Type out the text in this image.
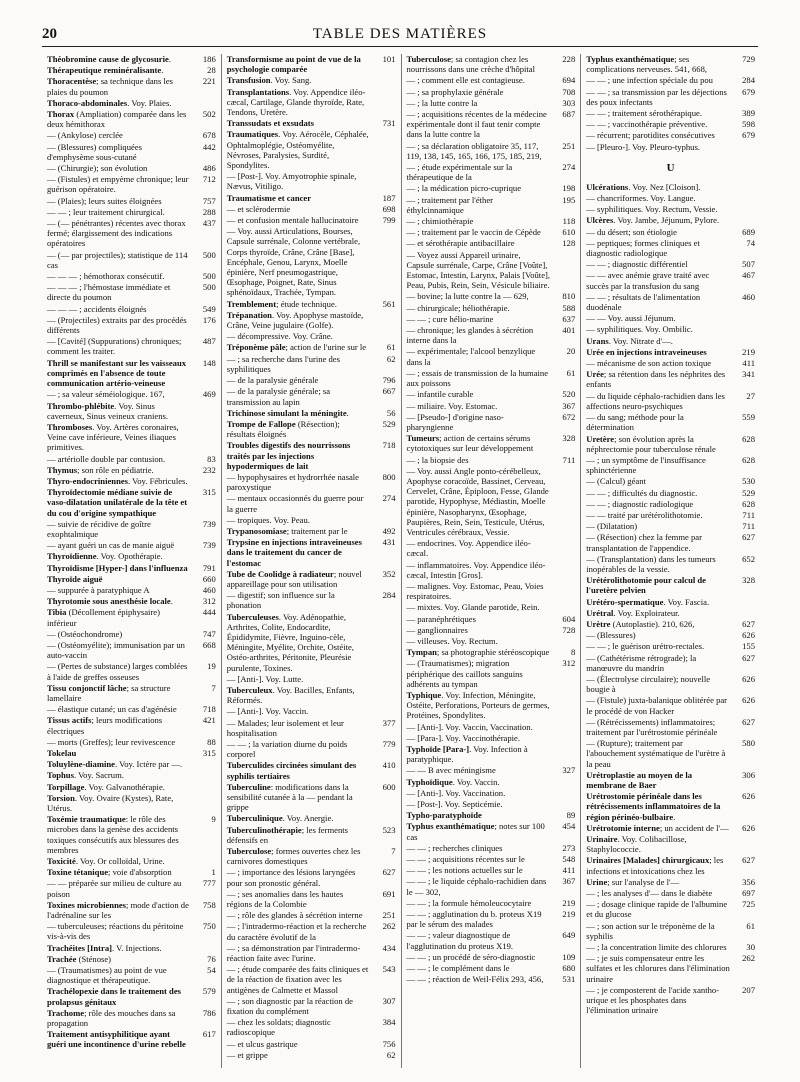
20	TABLE DES MATIÈRES
Théobromine cause de glycosurie.	186
Thérapeutique reminéralisante.	28
Thoracentèse; sa technique dans les plaies du poumon
221
Thoraco-abdominales. Voy. Plaies.
Thorax (Ampliation) comparée dans les deux hémithorax
502
— (Ankylose) cerclée	678
— (Blessures) compliquées d'emphysème sous-cutané
442
— (Chirurgie); son évolution	486
— (Fistules) et empyème chronique; leur guérison opératoire.
712
— (Plaies); leurs suites éloignées	757
— — ; leur traitement chirurgical.	288
— (— pénétrantes) récentes avec thorax fermé; élargissement des indications opératoires
437
— (— par projectiles); statistique de 114 cas
500
— — — ; hémothorax consécutif.	500
— — — ; l'hémostase immédiate et directe du poumon
500
— — — ; accidents éloignés	549
— (Projectiles) extraits par des procédés différents
176
— [Cavité] (Suppurations) chroniques; comment les traiter.
487
Thrill se manifestant sur les vaisseaux comprimés en l'absence de toute communication artério-veineuse
148
— ; sa valeur séméiologique. 167,	469
Thrombo-phlébite. Voy. Sinus caverneux, Sinus veineux craniens.
Thromboses. Voy. Artères coronaires, Veine cave inférieure, Veines iliaques primitives.
— artériolle double par contusion.	83
Thymus; son rôle en pédiatrie.	232
Thyro-endocriniennes. Voy. Fébricules.
Thyroïdectomie médiane suivie de vaso-dilatation unilatérale de la tête et du cou d'origine sympathique
315
— suivie de récidive de goître exophtalmique
739
— ayant guéri un cas de manie aiguë	739
Thyroïdienne. Voy. Opothérapie.
Thyroïdisme [Hyper-] dans l'influenza	791
Thyroïde aiguë	660
— suppurée à paratyphique A	460
Thyrotomie sous anesthésie locale.	312
Tibia (Décollement épiphysaire) inférieur
444
— (Ostéochondrome)	747
— (Ostéomyélite); immunisation par un auto-vaccin
668
— (Pertes de substance) larges comblées à l'aide de greffes osseuses
19
Tissu conjonctif lâche; sa structure lamellaire
7
— élastique cutané; un cas d'agénésie	718
Tissus actifs; leurs modifications électriques
421
— morts (Greffes); leur revivescence	88
Tokelau	315
Toluylène-diamine. Voy. Ictère par —.
Tophus. Voy. Sacrum.
Torpillage. Voy. Galvanothérapie.
Torsion. Voy. Ovaire (Kystes), Rate, Utérus.
Toxémie traumatique: le rôle des microbes dans la genèse des accidents toxiques consécutifs aux blessures des membres
9
Toxicité. Voy. Or colloïdal, Urine.
Toxine tétanique; voie d'absorption	1
— — préparée sur milieu de culture au poison
777
Toxines microbiennes; mode d'action de l'adrénaline sur les
758
— tuberculeuses; réactions du péritoine vis-à-vis des
750
Trachéites [Intra]. V. Injections.
Trachée (Sténose)	76
— (Traumatismes) au point de vue diagnostique et thérapeutique.
54
Trachélopexie dans le traitement des prolapsus génitaux
579
Trachome; rôle des mouches dans sa propagation
786
Traitement antisyphilitique ayant guéri une incontinence d'urine rebelle
617
Transformisme au point de vue de la psychologie comparée
101
Transfusion. Voy. Sang.
Transplantations. Voy. Appendice iléo-cæcal, Cartilage, Glande thyroïde, Rate, Tendons, Uretère.
Transsudats et exsudats	731
Traumatiques. Voy. Aérocèle, Céphalée, Ophtalmoplégie, Ostéomyélite, Névroses, Paralysies, Surdité, Spondylites.
— [Post-]. Voy. Amyotrophie spinale, Nævus, Vitiligo.
Traumatisme et cancer	187
— et sclérodermie	698
— et confusion mentale hallucinatoire	799
— Voy. aussi Articulations, Bourses, Capsule surrénale, Colonne vertébrale, Corps thyroïde, Crâne, Crâne [Base], Encéphale, Genou, Larynx, Moelle épinière, Nerf pneumogastrique, Œsophage, Poignet, Rate, Sinus sphénoïdaux, Trachée, Tympan.
Tremblement; étude technique.	561
Trépanation. Voy. Apophyse mastoïde, Crâne, Veine jugulaire (Golfe).
— décompressive. Voy. Crâne.
Tréponème pâle; action de l'urine sur le	61
— ; sa recherche dans l'urine des syphilitiques
62
— de la paralysie générale	796
— de la paralysie générale; sa transmission au lapin
667
Trichinose simulant la méningite.	56
Trompe de Fallope (Résection); résultats éloignés
529
Troubles digestifs des nourrissons traités par les injections hypodermiques de lait
718
— hypophysaires et hydrorrhée nasale paroxystique
800
— mentaux occasionnés du guerre pour la guerre
274
— tropiques. Voy. Peau.
Trypanosomiase; traitement par le	492
Trypsine en injections intraveineuses dans le traitement du cancer de l'estomac
431
Tube de Coolidge à radiateur; nouvel appareillage pour son utilisation
352
— digestif; son influence sur la phonation
284
Tuberculeuses. Voy. Adénopathie, Arthrites, Colite, Endocardite, Épididymite, Fièvre, Inguino-cèle, Méningite, Myélite, Orchite, Ostéite, Ostéo-arthrites, Péritonite, Pleurésie purulente, Toxines.
— [Anti-]. Voy. Lutte.
Tuberculeux. Voy. Bacilles, Enfants, Réformés.
— [Anti-]. Voy. Vaccin.
— Malades; leur isolement et leur hospitalisation
377
— — ; la variation diurne du poids corporel
779
Tuberculides circinées simulant des syphilis tertiaires
410
Tuberculine: modifications dans la sensibilité cutanée à la — pendant la grippe
600
Tuberculinique. Voy. Anergie.
Tuberculinothérapie; les ferments défensifs en
523
Tuberculose; formes ouvertes chez les carnivores domestiques
7
— ; importance des lésions laryngées pour son pronostic général.
627
— ; ses anomalies dans les hautes régions de la Colombie
691
— ; rôle des glandes à sécrétion interne	251
— ; l'intradermo-réaction et la recherche du caractère évolutif de la
262
— ; sa démonstration par l'intradermo-réaction faite avec l'urine.
434
— ; étude comparée des faits cliniques et de la réaction de fixation avec les antigènes de Calmette et Massol
543
— ; son diagnostic par la réaction de fixation du complément
307
— chez les soldats; diagnostic radioscopique
384
— et ulcus gastrique	756
— et grippe	62
Tuberculose; sa contagion chez les nourrissons dans une crèche d'hôpital
228
— ; comment elle est contagieuse.	694
— ; sa prophylaxie générale	708
— ; la lutte contre la	303
— ; acquisitions récentes de la médecine expérimentale dont il faut tenir compte dans la lutte contre la
687
— ; sa déclaration obligatoire 35, 117, 119, 138, 145, 165, 166, 175, 185, 219,
251
— ; étude expérimentale sur la thérapeutique de la
274
— ; la médication picro-cuprique	198
— ; traitement par l'éther éthylcinnamique
195
— ; chimiothérapie	118
— ; traitement par le vaccin de Cépède	610
— et sérothérapie antibacillaire	128
— Voyez aussi Appareil urinaire, Capsule surrénale, Carpe, Crâne [Voûte], Estomac, Intestin, Larynx, Palais [Voûte], Peau, Pubis, Rein, Sein, Vésicule biliaire.
— bovine; la lutte contre la — 629,	810
— chirurgicale; héliothérapie.	588
— — ; cure hélio-marine	637
— chronique; les glandes à sécrétion interne dans la
401
— expérimentale; l'alcool benzylique dans la
20
— ; essais de transmission de la humaine aux poissons
61
— infantile curable	520
— miliaire. Voy. Estomac.	367
— [Pseudo-] d'origine naso-pharyngienne
672
Tumeurs; action de certains sérums cytotoxiques sur leur développement
328
— ; la biopsie des	711
— Voy. aussi Angle ponto-cérébelleux, Apophyse coracoïde, Bassinet, Cerveau, Cervelet, Crâne, Épiploon, Fesse, Glande parotide, Hypophyse, Médiastin, Moelle épinière, Nasopharynx, Œsophage, Paupières, Rein, Sein, Testicule, Utérus, Ventricules cérébraux, Vessie.
— endocrines. Voy. Appendice iléo-cæcal.
— inflammatoires. Voy. Appendice iléo-cæcal, Intestin [Gros].
— malignes. Voy. Estomac, Peau, Voies respiratoires.
— mixtes. Voy. Glande parotide, Rein.
— paranéphrétiques	604
— ganglionnaires	728
— villeuses. Voy. Rectum.
Tympan; sa photographie stéréoscopique	8
— (Traumatismes); migration périphérique des caillots sanguins adhérents au tympan
312
Typhique. Voy. Infection, Méningite, Ostéite, Perforations, Porteurs de germes, Protéines, Spondylites.
— [Anti-]. Voy. Vaccin, Vaccination.
— [Para-]. Voy. Vaccinothérapie.
Typhoïde [Para-]. Voy. Infection à paratyphique.
— — B avec méningisme	327
Typhoïdique. Voy. Vaccin.
— [Anti-]. Voy. Vaccination.
— [Post-]. Voy. Septicémie.
Typho-paratyphoïde	89
Typhus exanthématique; notes sur 100 cas
454
— — ; recherches cliniques	273
— — ; acquisitions récentes sur le	548
— — ; les notions actuelles sur le	411
— — ; le liquide céphalo-rachidien dans le — 302,
367
— — ; la formule hémoleucocytaire	219
— — ; agglutination du b. proteus X19 par le sérum des malades
219
— — ; valeur diagnostique de l'agglutination du proteus X19.
649
— — ; un procédé de séro-diagnostic	109
— — ; le complément dans le	680
— — ; réaction de Weil-Félix 293, 456,	531
Typhus exanthématique; ses complications nerveuses. 541, 668,
729
— — ; une infection spéciale du pou	284
— — ; sa transmission par les déjections des poux infectants
679
— — ; traitement sérothérapique.	389
— — ; vaccinothérapie préventive.	598
— récurrent; parotidites consécutives	679
— [Pleuro-]. Voy. Pleuro-typhus.
U
Ulcérations. Voy. Nez [Cloison].
— chancriformes. Voy. Langue.
— syphilitiques. Voy. Rectum, Vessie.
Ulcères. Voy. Jambe, Jéjunum, Pylore.
— du désert; son étiologie	689
— peptiques; formes cliniques et diagnostic radiologique
74
— — ; diagnostic différentiel	507
— — avec anémie grave traité avec succès par la transfusion du sang
467
— — ; résultats de l'alimentation duodénale
460
— — Voy. aussi Jéjunum.
— syphilitiques. Voy. Ombilic.
Urans. Voy. Nitrate d'—.
Urée en injections intraveineuses	219
— mécanisme de son action toxique	411
Urée; sa rétention dans les néphrites des enfants
341
— du liquide céphalo-rachidien dans les affections neuro-psychiques
27
— du sang; méthode pour la détermination
559
Uretère; son évolution après la néphrectomie pour tuberculose rénale
628
— ; un symptôme de l'insuffisance sphinctérienne
628
— (Calcul) géant	530
— — ; difficultés du diagnostic.	529
— — ; diagnostic radiologique	628
— — traité par urétérolithotomie.	711
— (Dilatation)	711
— (Résection) chez la femme par transplantation de l'appendice.
627
— (Transplantation) dans les tumeurs inopérables de la vessie.
652
Urétérolithotomie pour calcul de l'uretère pelvien
328
Urétéro-spermatique. Voy. Fascia.
Urétral. Voy. Exploirateur.
Urètre (Autoplastie). 210, 626,	627
— (Blessures)	626
— — ; le guérison urétro-rectales.	155
— (Cathétérisme rétrograde); la manœuvre du mandrin
627
— (Électrolyse circulaire); nouvelle bougie à
626
— (Fistule) juxta-balanique oblitérée par le procédé de von Hacker
626
— (Rétrécissements) inflammatoires; traitement par l'urétrostomie périnéale
627
— (Rupture); traitement par l'abouchement systématique de l'urètre à la peau
580
Urétroplastie au moyen de la membrane de Baer
306
Urétrostomie périnéale dans les rétrécissements inflammatoires de la région périnéo-bulbaire.
626
Urétrotomie interne; un accident de l'—	626
Urinaire. Voy. Colibacillose, Staphylococcie.
Urinaires [Malades] chirurgicaux; les infections et intoxications chez les
627
Urine; sur l'analyse de l'—	356
— ; les analyses d'— dans le diabète	697
— ; dosage clinique rapide de l'albumine et du glucose
725
— ; son action sur le tréponème de la syphilis
61
— ; la concentration limite des chlorures	30
— ; je suis compensateur entre les sulfates et les chlorures dans l'élimination urinaire
262
— ; je composterent de l'acide xantho-urique et les phosphates dans l'élimination urinaire
207
